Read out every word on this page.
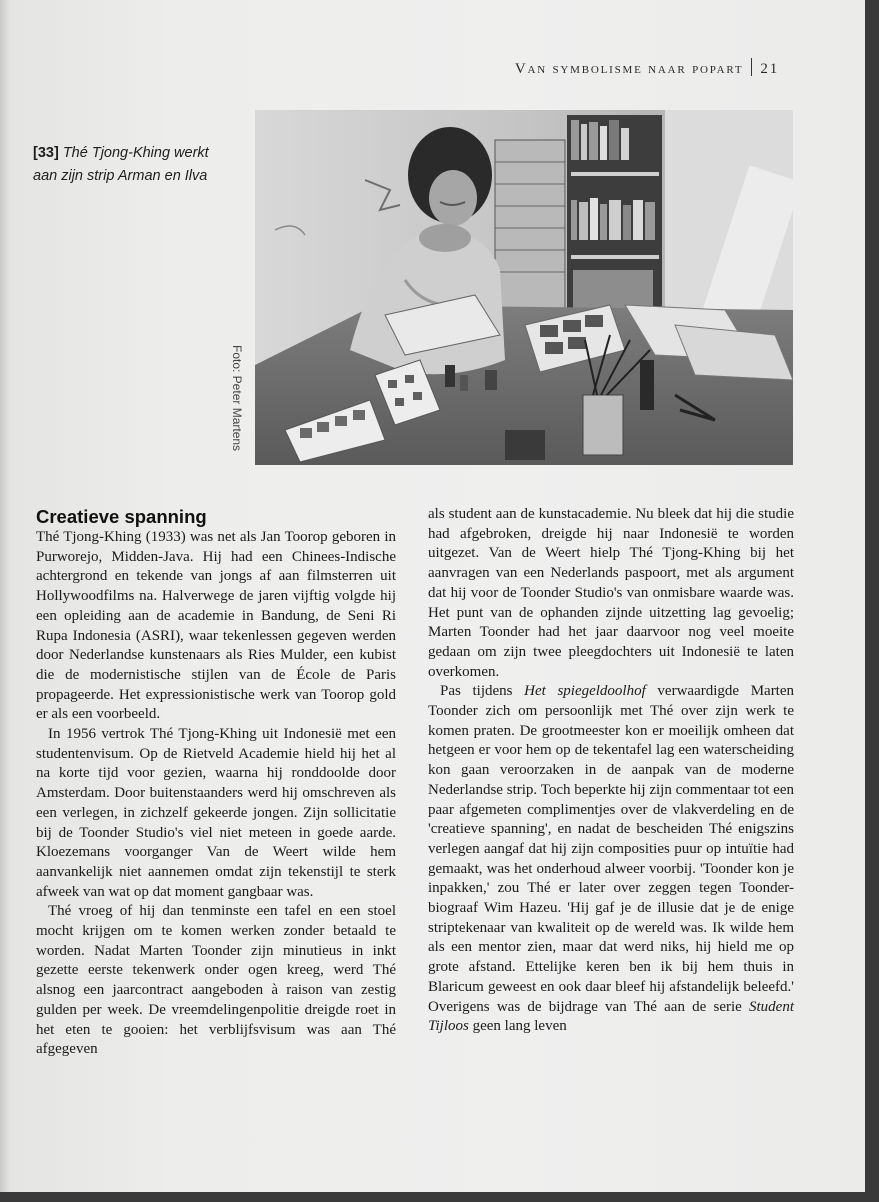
Van symbolisme naar popart 21
[33] Thé Tjong-Khing werkt aan zijn strip Arman en Ilva
Foto: Peter Martens
Creatieve spanning

Thé Tjong-Khing (1933) was net als Jan Toorop geboren in Purworejo, Midden-Java. Hij had een Chinees-Indische achtergrond en tekende van jongs af aan filmsterren uit Hollywoodfilms na. Halverwege de jaren vijftig volgde hij een opleiding aan de academie in Bandung, de Seni Ri Rupa Indonesia (ASRI), waar tekenlessen gegeven werden door Nederlandse kunstenaars als Ries Mulder, een kubist die de modernistische stijlen van de École de Paris propageerde. Het expressionistische werk van Toorop gold er als een voorbeeld.

In 1956 vertrok Thé Tjong-Khing uit Indonesië met een studentenvisum. Op de Rietveld Academie hield hij het al na korte tijd voor gezien, waarna hij ronddoolde door Amsterdam. Door buitenstaanders werd hij omschreven als een verlegen, in zichzelf gekeerde jongen. Zijn sollicitatie bij de Toonder Studio's viel niet meteen in goede aarde. Kloezemans voorganger Van de Weert wilde hem aanvankelijk niet aannemen omdat zijn tekenstijl te sterk afweek van wat op dat moment gangbaar was.

Thé vroeg of hij dan tenminste een tafel en een stoel mocht krijgen om te komen werken zonder betaald te worden. Nadat Marten Toonder zijn minutieus in inkt gezette eerste tekenwerk onder ogen kreeg, werd Thé alsnog een jaarcontract aangeboden à raison van zestig gulden per week. De vreemdelingenpolitie dreigde roet in het eten te gooien: het verblijfsvisum was aan Thé afgegeven

als student aan de kunstacademie. Nu bleek dat hij die studie had afgebroken, dreigde hij naar Indonesië te worden uitgezet. Van de Weert hielp Thé Tjong-Khing bij het aanvragen van een Nederlands paspoort, met als argument dat hij voor de Toonder Studio's van onmisbare waarde was. Het punt van de ophanden zijnde uitzetting lag gevoelig; Marten Toonder had het jaar daarvoor nog veel moeite gedaan om zijn twee pleegdochters uit Indonesië te laten overkomen.

Pas tijdens Het spiegeldoolhof verwaardigde Marten Toonder zich om persoonlijk met Thé over zijn werk te komen praten. De grootmeester kon er moeilijk omheen dat hetgeen er voor hem op de tekentafel lag een waterscheiding kon gaan veroorzaken in de aanpak van de moderne Nederlandse strip. Toch beperkte hij zijn commentaar tot een paar afgemeten complimentjes over de vlakverdeling en de 'creatieve spanning', en nadat de bescheiden Thé enigszins verlegen aangaf dat hij zijn composities puur op intuïtie had gemaakt, was het onderhoud alweer voorbij. 'Toonder kon je inpakken,' zou Thé er later over zeggen tegen Toonder-biograaf Wim Hazeu. 'Hij gaf je de illusie dat je de enige striptekenaar van kwaliteit op de wereld was. Ik wilde hem als een mentor zien, maar dat werd niks, hij hield me op grote afstand. Ettelijke keren ben ik bij hem thuis in Blaricum geweest en ook daar bleef hij afstandelijk beleefd.' Overigens was de bijdrage van Thé aan de serie Student Tijloos geen lang leven
